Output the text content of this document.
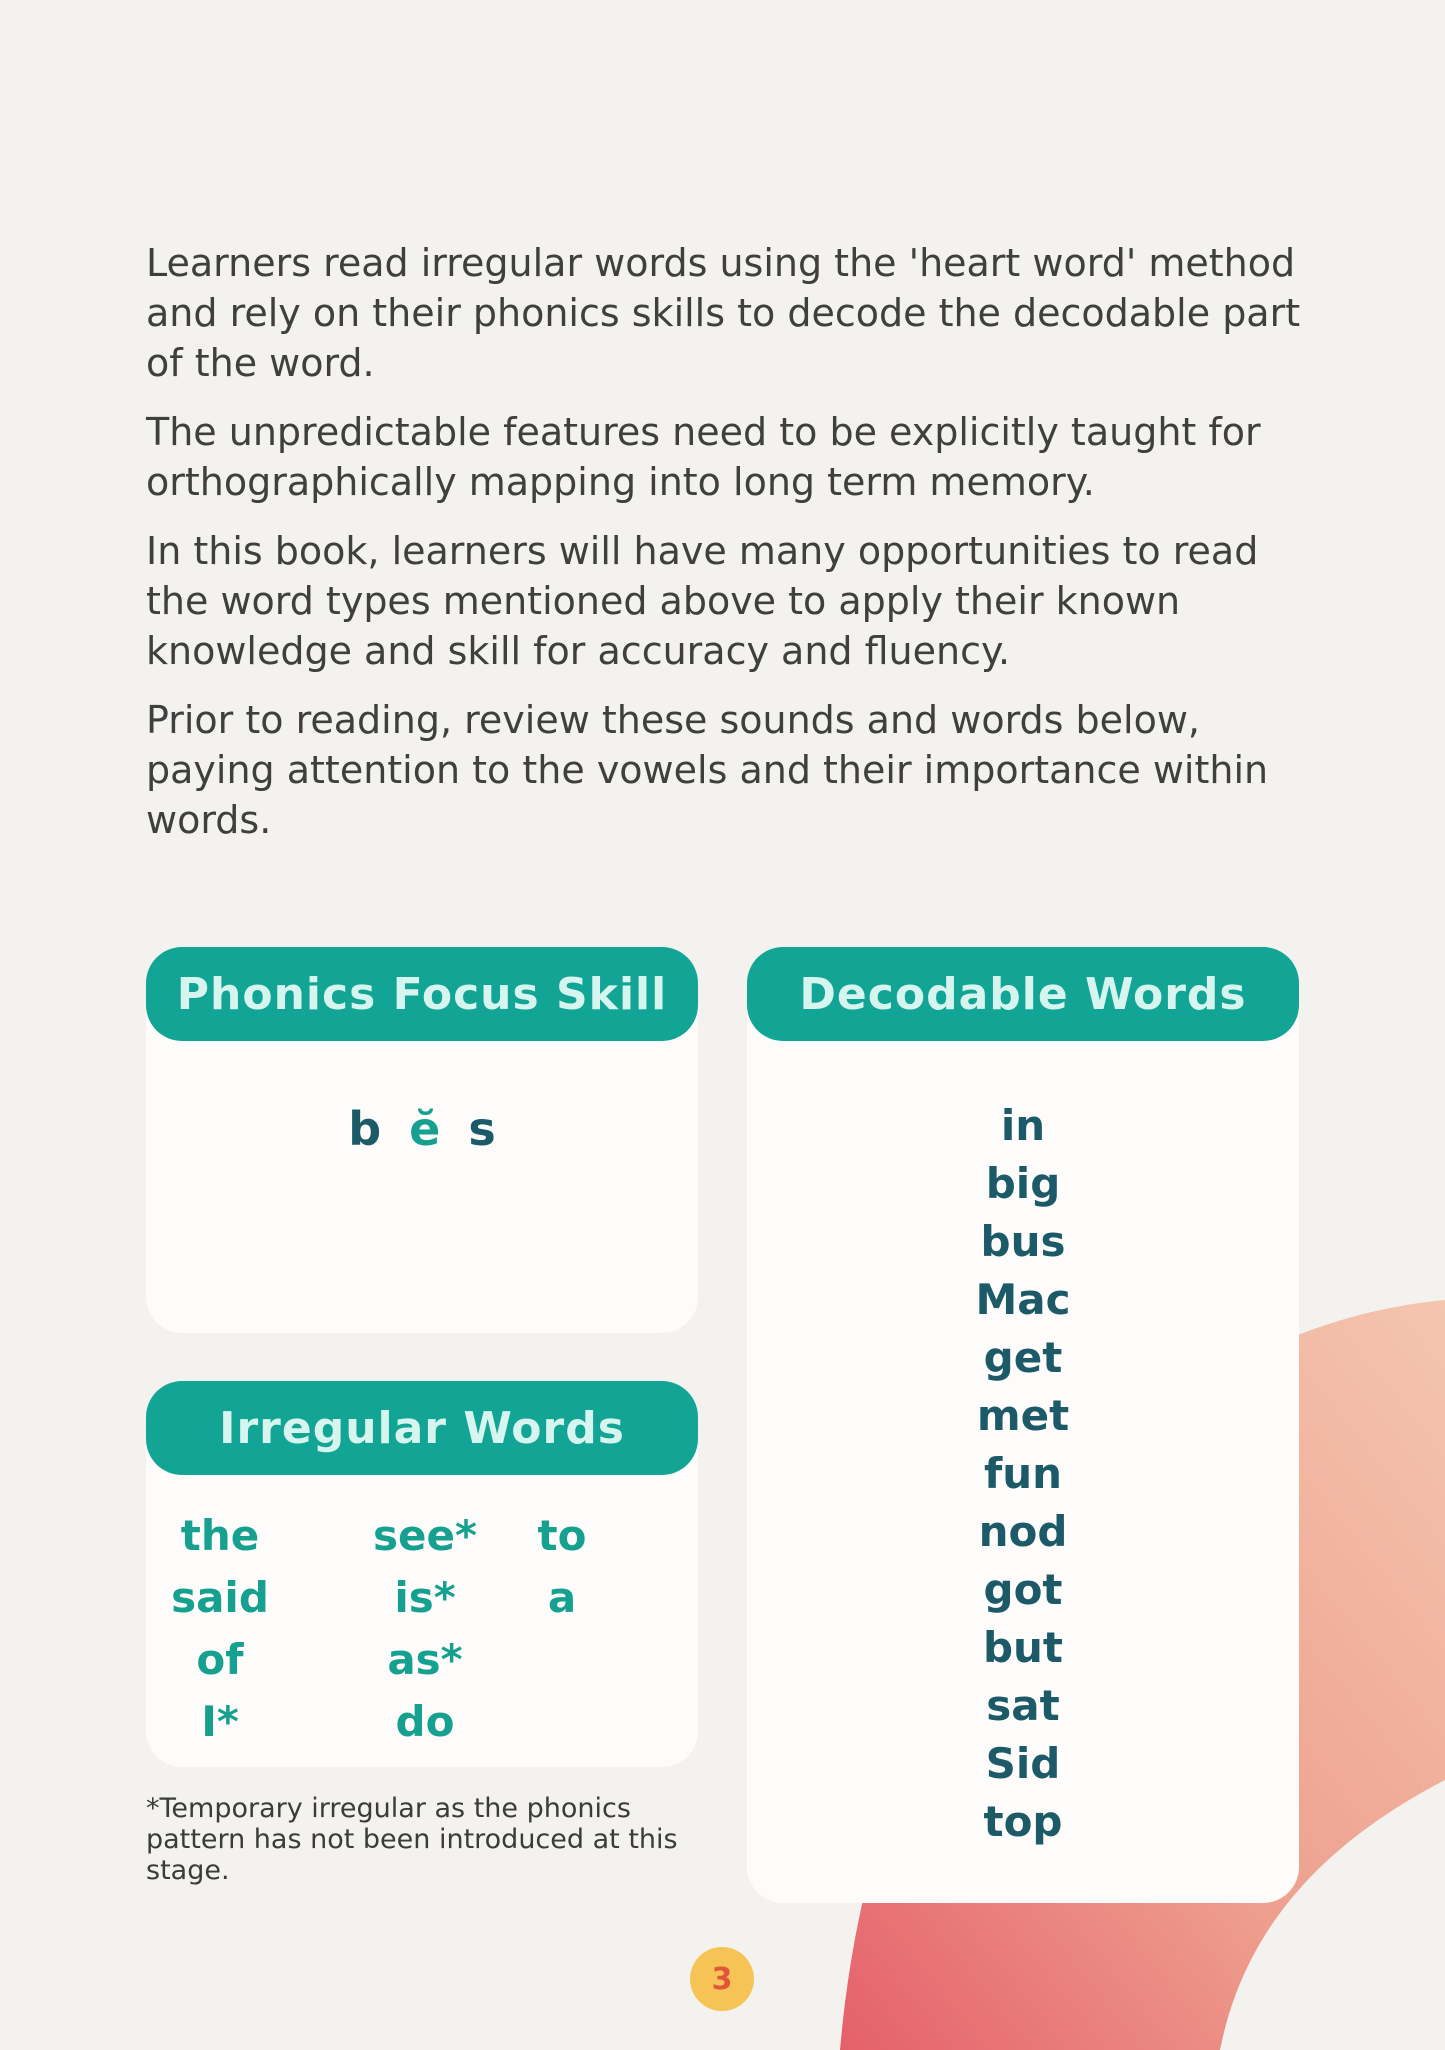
Learners read irregular words using the 'heart word' method and rely on their phonics skills to decode the decodable part of the word.

The unpredictable features need to be explicitly taught for orthographically mapping into long term memory.

In this book, learners will have many opportunities to read the word types mentioned above to apply their known knowledge and skill for accuracy and fluency.

Prior to reading, review these sounds and words below, paying attention to the vowels and their importance within words.

Phonics Focus Skill
b ĕ s
Irregular Words
the
said
of
I*
see*
is*
as*
do
to
a
*Temporary irregular as the phonics pattern has not been introduced at this stage.
Decodable Words
in
big
bus
Mac
get
met
fun
nod
got
but
sat
Sid
top
3
